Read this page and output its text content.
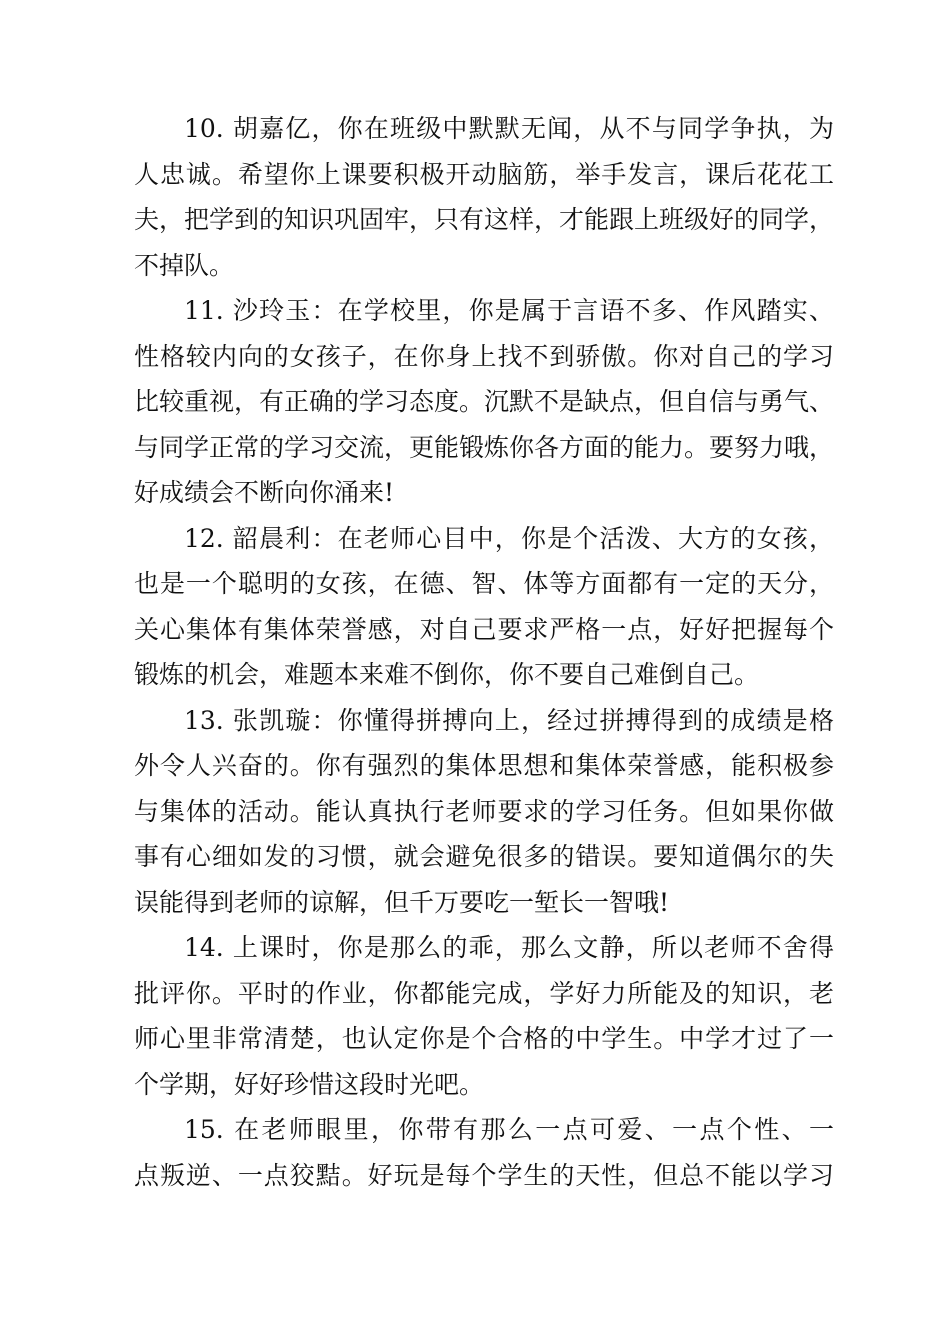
10. 胡嘉亿，你在班级中默默无闻，从不与同学争执，为
人忠诚。希望你上课要积极开动脑筋，举手发言，课后花花工
夫，把学到的知识巩固牢，只有这样，才能跟上班级好的同学，
不掉队。
11. 沙玲玉：在学校里，你是属于言语不多、作风踏实、
性格较内向的女孩子，在你身上找不到骄傲。你对自己的学习
比较重视，有正确的学习态度。沉默不是缺点，但自信与勇气、
与同学正常的学习交流，更能锻炼你各方面的能力。要努力哦，
好成绩会不断向你涌来!
12. 韶晨利：在老师心目中，你是个活泼、大方的女孩，
也是一个聪明的女孩，在德、智、体等方面都有一定的天分，
关心集体有集体荣誉感，对自己要求严格一点，好好把握每个
锻炼的机会，难题本来难不倒你，你不要自己难倒自己。
13. 张凯璇：你懂得拼搏向上，经过拼搏得到的成绩是格
外令人兴奋的。你有强烈的集体思想和集体荣誉感，能积极参
与集体的活动。能认真执行老师要求的学习任务。但如果你做
事有心细如发的习惯，就会避免很多的错误。要知道偶尔的失
误能得到老师的谅解，但千万要吃一堑长一智哦!
14. 上课时，你是那么的乖，那么文静，所以老师不舍得
批评你。平时的作业，你都能完成，学好力所能及的知识，老
师心里非常清楚，也认定你是个合格的中学生。中学才过了一
个学期，好好珍惜这段时光吧。
15. 在老师眼里，你带有那么一点可爱、一点个性、一
点叛逆、一点狡黠。好玩是每个学生的天性，但总不能以学习
